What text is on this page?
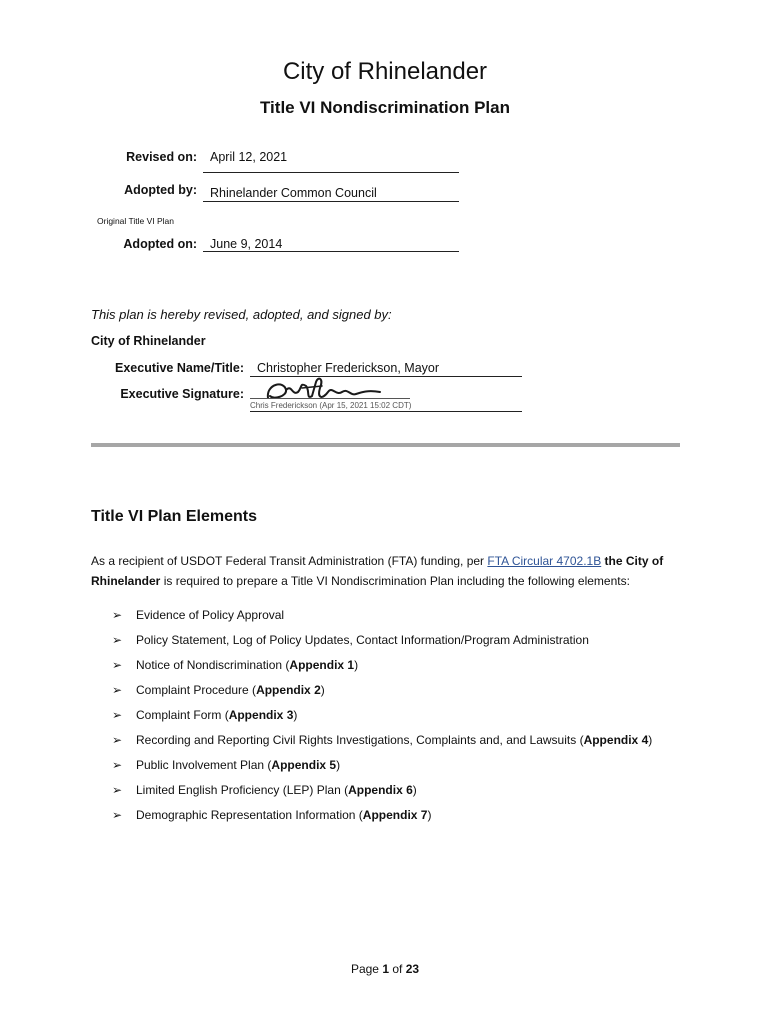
City of Rhinelander
Title VI Nondiscrimination Plan
Revised on: April 12, 2021
Adopted by: Rhinelander Common Council
Original Title VI Plan
Adopted on: June 9, 2014
This plan is hereby revised, adopted, and signed by:
City of Rhinelander
Executive Name/Title: Christopher Frederickson, Mayor
Executive Signature:
Chris Frederickson (Apr 15, 2021 15:02 CDT)
Title VI Plan Elements
As a recipient of USDOT Federal Transit Administration (FTA) funding, per FTA Circular 4702.1B the City of
Rhinelander is required to prepare a Title VI Nondiscrimination Plan including the following elements:
➢	Evidence of Policy Approval
➢	Policy Statement, Log of Policy Updates, Contact Information/Program Administration
➢	Notice of Nondiscrimination ( Appendix 1 )
➢	Complaint Procedure ( Appendix 2 )
➢	Complaint Form ( Appendix 3 )
➢	Recording and Reporting Civil Rights Investigations, Complaints and, and Lawsuits ( Appendix 4 )
➢	Public Involvement Plan ( Appendix 5 )
➢	Limited English Proficiency (LEP) Plan ( Appendix 6 )
➢	Demographic Representation Information ( Appendix 7 )
Page 1 of 23
